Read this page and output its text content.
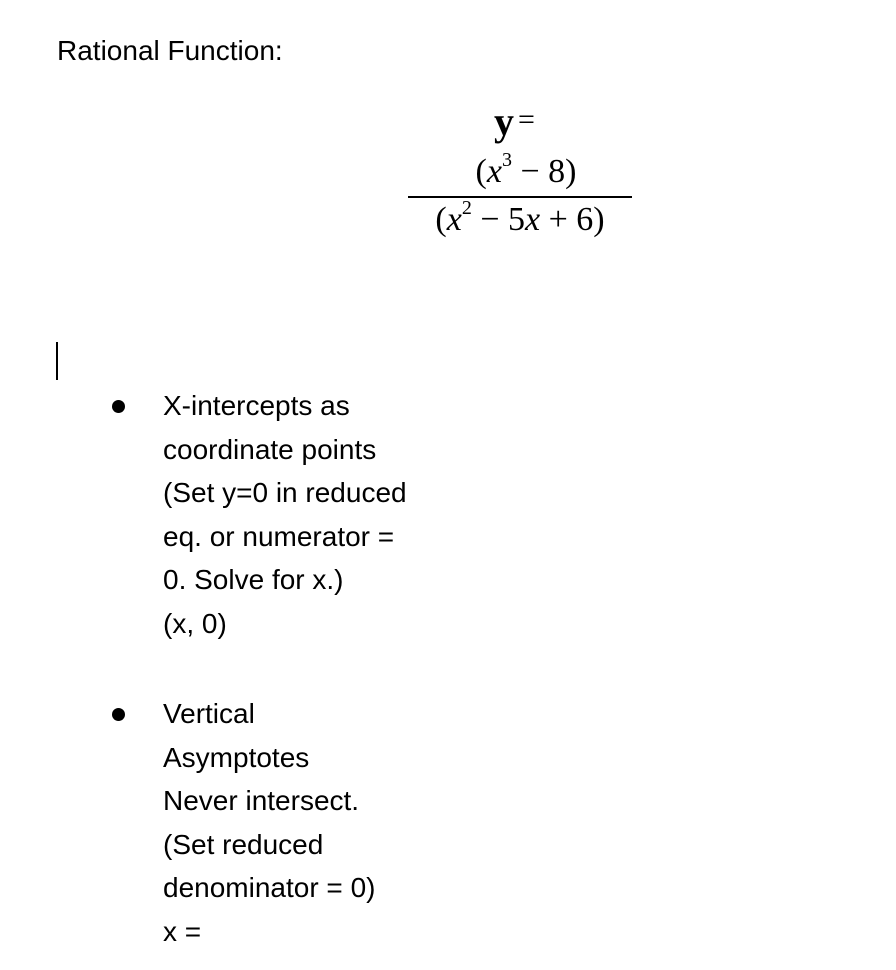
Rational Function:
y =
$(x^3 - 8)$
$(x^2 - 5x + 6)$
X-intercepts as
coordinate points
(Set y=0 in reduced
eq. or numerator =
0. Solve for x.)
(x, 0)
Vertical
Asymptotes
Never intersect.
(Set reduced
denominator = 0)
x =
